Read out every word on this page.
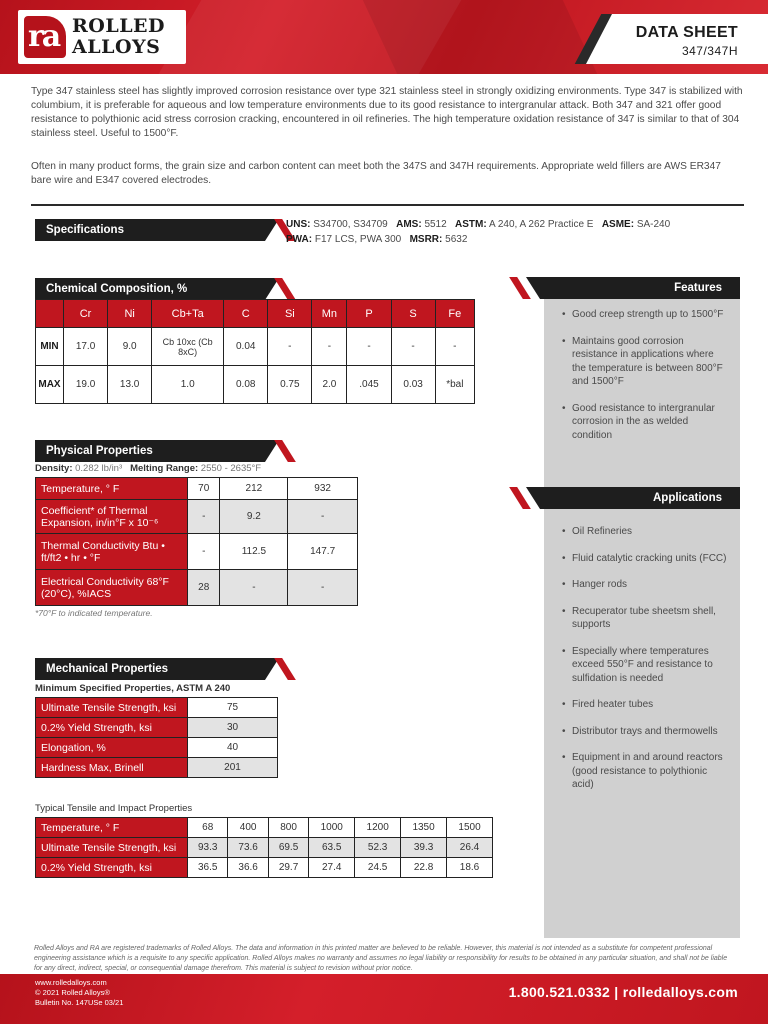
ra ROLLED
ALLOYS
DATA SHEET
347/347H

Type 347 stainless steel has slightly improved corrosion resistance over type 321 stainless steel in strongly oxidizing environments. Type 347 is stabilized with columbium, it is preferable for aqueous and low temperature environments due to its good resistance to intergranular attack. Both 347 and 321 offer good resistance to polythionic acid stress corrosion cracking, encountered in oil refineries. The high temperature oxidation resistance of 347 is similar to that of 304 stainless steel. Useful to 1500°F.

Often in many product forms, the grain size and carbon content can meet both the 347S and 347H requirements. Appropriate weld fillers are AWS ER347 bare wire and E347 covered electrodes.

Specifications	UNS: S34700, S34709 AMS: 5512 ASTM: A 240, A 262 Practice E ASME: SA-240
PWA: F17 LCS, PWA 300 MSRR: 5632
Chemical Composition, %
	Cr	Ni	Cb+Ta	C	Si	Mn	P	S	Fe
MIN	17.0	9.0	Cb 10xc (Cb 8xC)	0.04	-	-	-	-	-
MAX	19.0	13.0	1.0	0.08	0.75	2.0	.045	0.03	*bal
Physical Properties
Density: 0.282 lb/in³ Melting Range: 2550 - 2635°F
Temperature, ° F	70	212	932
Coefficient* of Thermal Expansion, in/in°F x 10⁻⁶	-	9.2	-
Thermal Conductivity Btu • ft/ft2 • hr • °F	-	112.5	147.7
Electrical Conductivity 68°F (20°C), %IACS	28	-	-
*70°F to indicated temperature.
Mechanical Properties
Minimum Specified Properties, ASTM A 240
Ultimate Tensile Strength, ksi	75
0.2% Yield Strength, ksi	30
Elongation, %	40
Hardness Max, Brinell	201
Typical Tensile and Impact Properties
Temperature, ° F	68	400	800	1000	1200	1350	1500
Ultimate Tensile Strength, ksi	93.3	73.6	69.5	63.5	52.3	39.3	26.4
0.2% Yield Strength, ksi	36.5	36.6	29.7	27.4	24.5	22.8	18.6
Features
• Good creep strength up to 1500°F
• Maintains good corrosion resistance in applications where the temperature is between 800°F and 1500°F
• Good resistance to intergranular corrosion in the as welded condition
Applications
• Oil Refineries
• Fluid catalytic cracking units (FCC)
• Hanger rods
• Recuperator tube sheetsm shell, supports
• Especially where temperatures exceed 550°F and resistance to sulfidation is needed
• Fired heater tubes
• Distributor trays and thermowells
• Equipment in and around reactors (good resistance to polythionic acid)

Rolled Alloys and RA are registered trademarks of Rolled Alloys. The data and information in this printed matter are believed to be reliable. However, this material is not intended as a substitute for competent professional engineering assistance which is a requisite to any specific application. Rolled Alloys makes no warranty and assumes no legal liability or responsibility for results to be obtained in any particular situation, and shall not be liable for any direct, indirect, special, or consequential damage therefrom. This material is subject to revision without prior notice.

www.rolledalloys.com
© 2021 Rolled Alloys®
Bulletin No. 147USe 03/21
1.800.521.0332 | rolledalloys.com
